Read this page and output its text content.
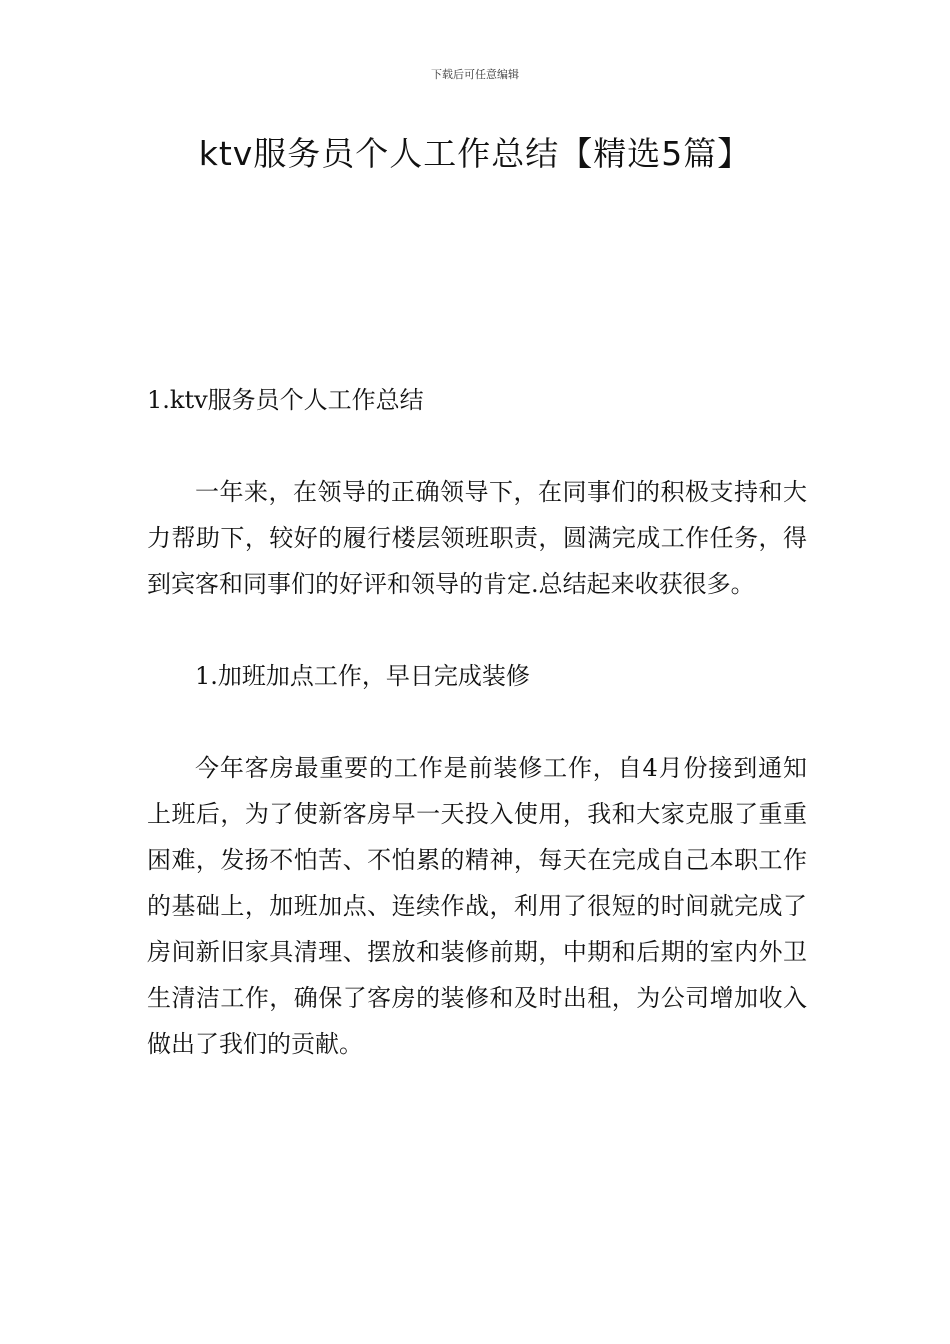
下载后可任意编辑
ktv服务员个人工作总结【精选5篇】
1.ktv服务员个人工作总结

一年来，在领导的正确领导下，在同事们的积极支持和大力帮助下，较好的履行楼层领班职责，圆满完成工作任务，得到宾客和同事们的好评和领导的肯定.总结起来收获很多。

1.加班加点工作，早日完成装修

今年客房最重要的工作是前装修工作，自4月份接到通知上班后，为了使新客房早一天投入使用，我和大家克服了重重困难，发扬不怕苦、不怕累的精神，每天在完成自己本职工作的基础上，加班加点、连续作战，利用了很短的时间就完成了房间新旧家具清理、摆放和装修前期，中期和后期的室内外卫生清洁工作，确保了客房的装修和及时出租，为公司增加收入做出了我们的贡献。
